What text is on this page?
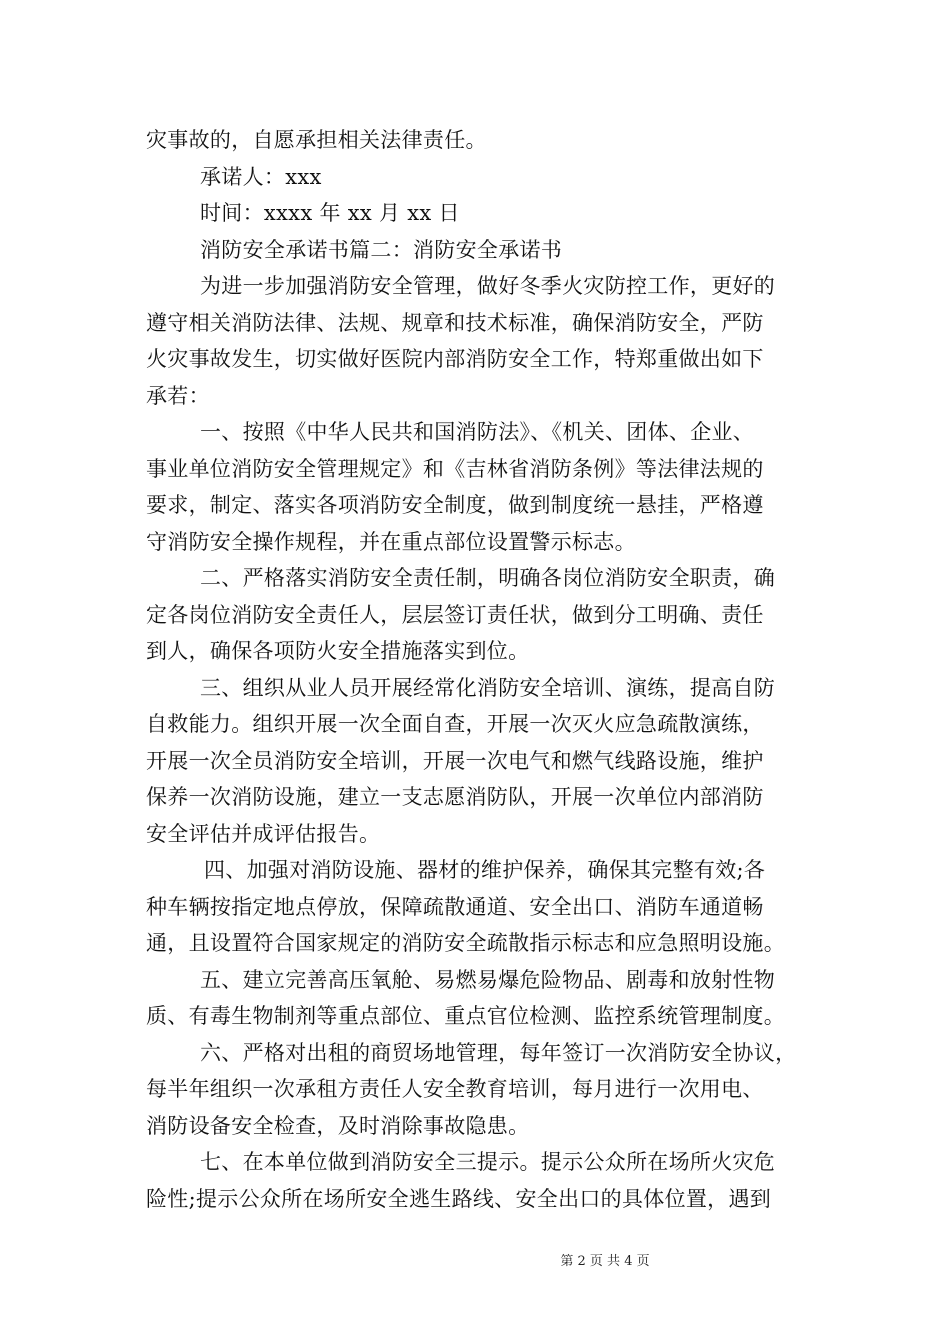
灾事故的，自愿承担相关法律责任。
承诺人：xxx
时间：xxxx 年 xx 月 xx 日
消防安全承诺书篇二：消防安全承诺书
为进一步加强消防安全管理，做好冬季火灾防控工作，更好的
遵守相关消防法律、法规、规章和技术标准，确保消防安全，严防
火灾事故发生，切实做好医院内部消防安全工作，特郑重做出如下
承若：
一、按照《中华人民共和国消防法》、《机关、团体、企业、
事业单位消防安全管理规定》和《吉林省消防条例》等法律法规的
要求，制定、落实各项消防安全制度，做到制度统一悬挂，严格遵
守消防安全操作规程，并在重点部位设置警示标志。
二、严格落实消防安全责任制，明确各岗位消防安全职责，确
定各岗位消防安全责任人，层层签订责任状，做到分工明确、责任
到人，确保各项防火安全措施落实到位。
三、组织从业人员开展经常化消防安全培训、演练，提高自防
自救能力。组织开展一次全面自查，开展一次灭火应急疏散演练，
开展一次全员消防安全培训，开展一次电气和燃气线路设施，维护
保养一次消防设施，建立一支志愿消防队，开展一次单位内部消防
安全评估并成评估报告。
四、加强对消防设施、器材的维护保养，确保其完整有效;各
种车辆按指定地点停放，保障疏散通道、安全出口、消防车通道畅
通，且设置符合国家规定的消防安全疏散指示标志和应急照明设施。
五、建立完善高压氧舱、易燃易爆危险物品、剧毒和放射性物
质、有毒生物制剂等重点部位、重点官位检测、监控系统管理制度。
六、严格对出租的商贸场地管理，每年签订一次消防安全协议，
每半年组织一次承租方责任人安全教育培训，每月进行一次用电、
消防设备安全检查，及时消除事故隐患。
七、在本单位做到消防安全三提示。提示公众所在场所火灾危
险性;提示公众所在场所安全逃生路线、安全出口的具体位置，遇到
第 2 页 共 4 页
